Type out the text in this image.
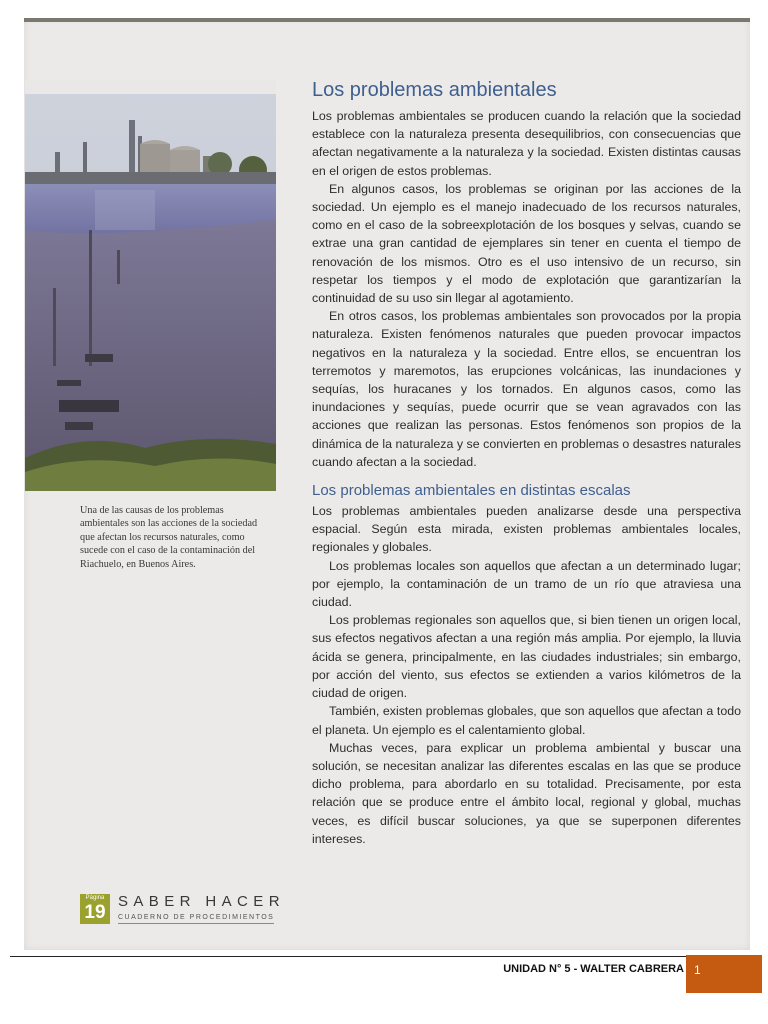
Una de las causas de los problemas ambientales son las acciones de la sociedad que afectan los recursos naturales, como sucede con el caso de la contaminación del Riachuelo, en Buenos Aires.

Los problemas ambientales

Los problemas ambientales se producen cuando la relación que la sociedad establece con la naturaleza presenta desequilibrios, con consecuencias que afectan negativamente a la naturaleza y la sociedad. Existen distintas causas en el origen de estos problemas.

En algunos casos, los problemas se originan por las acciones de la sociedad. Un ejemplo es el manejo inadecuado de los recursos naturales, como en el caso de la sobreexplotación de los bosques y selvas, cuando se extrae una gran cantidad de ejemplares sin tener en cuenta el tiempo de renovación de los mismos. Otro es el uso intensivo de un recurso, sin respetar los tiempos y el modo de explotación que garantizarían la continuidad de su uso sin llegar al agotamiento.

En otros casos, los problemas ambientales son provocados por la propia naturaleza. Existen fenómenos naturales que pueden provocar impactos negativos en la naturaleza y la sociedad. Entre ellos, se encuentran los terremotos y maremotos, las erupciones volcánicas, las inundaciones y sequías, los huracanes y los tornados. En algunos casos, como las inundaciones y sequías, puede ocurrir que se vean agravados con las acciones que realizan las personas. Estos fenómenos son propios de la dinámica de la naturaleza y se convierten en problemas o desastres naturales cuando afectan a la sociedad.

Los problemas ambientales en distintas escalas

Los problemas ambientales pueden analizarse desde una perspectiva espacial. Según esta mirada, existen problemas ambientales locales, regionales y globales.

Los problemas locales son aquellos que afectan a un determinado lugar; por ejemplo, la contaminación de un tramo de un río que atraviesa una ciudad.

Los problemas regionales son aquellos que, si bien tienen un origen local, sus efectos negativos afectan a una región más amplia. Por ejemplo, la lluvia ácida se genera, principalmente, en las ciudades industriales; sin embargo, por acción del viento, sus efectos se extienden a varios kilómetros de la ciudad de origen.

También, existen problemas globales, que son aquellos que afectan a todo el planeta. Un ejemplo es el calentamiento global.

Muchas veces, para explicar un problema ambiental y buscar una solución, se necesitan analizar las diferentes escalas en las que se produce dicho problema, para abordarlo en su totalidad. Precisamente, por esta relación que se produce entre el ámbito local, regional y global, muchas veces, es difícil buscar soluciones, ya que se superponen diferentes intereses.

Página
19
SABER HACER
CUADERNO DE PROCEDIMIENTOS
UNIDAD N° 5 - WALTER CABRERA 1
